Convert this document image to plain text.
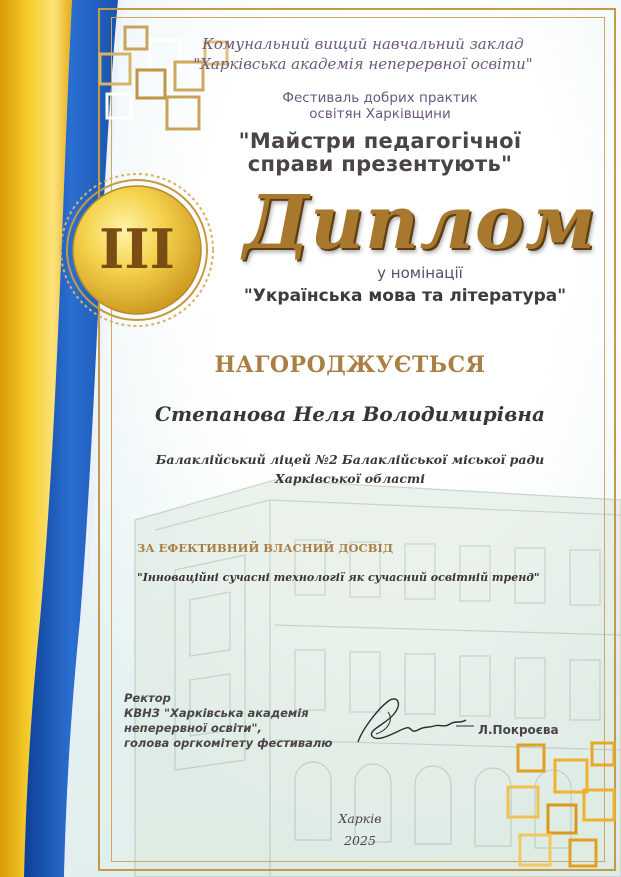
III
Комунальний вищий навчальний заклад
"Харківська академія неперервної освіти"
Фестиваль добрих практик
освітян Харківщини
"Майстри педагогічної
справи презентують"
Диплом
у номінації
"Українська мова та література"
НАГОРОДЖУЄТЬСЯ
Степанова Неля Володимирівна
Балаклійський ліцей №2 Балаклійської міської ради
Харківської області
ЗА ЕФЕКТИВНИЙ ВЛАСНИЙ ДОСВІД
"Інноваційні сучасні технології як сучасний освітній тренд"
Ректор
КВНЗ "Харківська академія
неперервної освіти",
голова оргкомітету фестивалю
Л.Покроєва
Харків
2025
